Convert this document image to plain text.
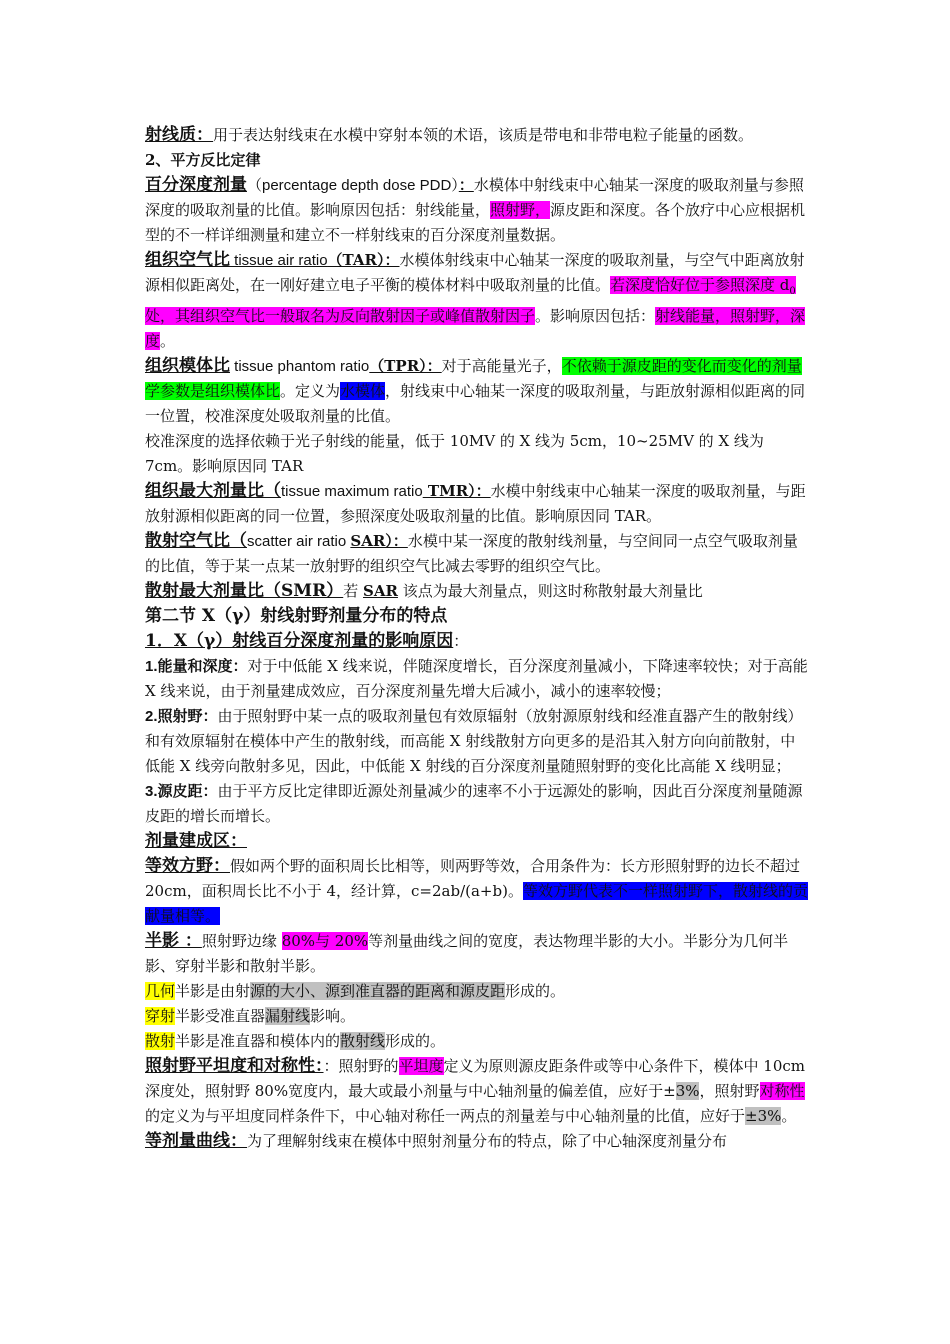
射线质：用于表达射线束在水模中穿射本领的术语，该质是带电和非带电粒子能量的函数。

2、平方反比定律

百分深度剂量（percentage depth dose PDD）：水模体中射线束中心轴某一深度的吸取剂量与参照深度的吸取剂量的比值。影响原因包括：射线能量，照射野，源皮距和深度。各个放疗中心应根据机型的不一样详细测量和建立不一样射线束的百分深度剂量数据。

组织空气比 tissue air ratio（TAR）：水模体射线束中心轴某一深度的吸取剂量，与空气中距离放射源相似距离处，在一刚好建立电子平衡的模体材料中吸取剂量的比值。若深度恰好位于参照深度 $d_0$处，其组织空气比一般取名为反向散射因子或峰值散射因子。影响原因包括：射线能量，照射野，深度。

组织模体比 tissue phantom ratio（TPR）：对于高能量光子，不依赖于源皮距的变化而变化的剂量学参数是组织模体比。定义为水模体，射线束中心轴某一深度的吸取剂量，与距放射源相似距离的同一位置，校准深度处吸取剂量的比值。

校准深度的选择依赖于光子射线的能量，低于 10MV 的 X 线为 5cm，10~25MV 的 X 线为 7cm。影响原因同 TAR

组织最大剂量比（tissue maximum ratio TMR）：水模中射线束中心轴某一深度的吸取剂量，与距放射源相似距离的同一位置，参照深度处吸取剂量的比值。影响原因同 TAR。

散射空气比（scatter air ratio SAR）：水模中某一深度的散射线剂量，与空间同一点空气吸取剂量的比值，等于某一点某一放射野的组织空气比减去零野的组织空气比。

散射最大剂量比（SMR）若 SAR 该点为最大剂量点，则这时称散射最大剂量比

第二节 X（γ）射线射野剂量分布的特点

1．X（γ）射线百分深度剂量的影响原因：

1.能量和深度：对于中低能 X 线来说，伴随深度增长，百分深度剂量减小，下降速率较快；对于高能 X 线来说，由于剂量建成效应，百分深度剂量先增大后减小，减小的速率较慢；

2.照射野：由于照射野中某一点的吸取剂量包有效原辐射（放射源原射线和经准直器产生的散射线）和有效原辐射在模体中产生的散射线，而高能 X 射线散射方向更多的是沿其入射方向向前散射，中低能 X 线旁向散射多见，因此，中低能 X 射线的百分深度剂量随照射野的变化比高能 X 线明显；

3.源皮距：由于平方反比定律即近源处剂量减少的速率不小于远源处的影响，因此百分深度剂量随源皮距的增长而增长。

剂量建成区：

等效方野：假如两个野的面积周长比相等，则两野等效，合用条件为：长方形照射野的边长不超过 20cm，面积周长比不小于 4，经计算，c=2ab/(a+b)。等效方野代表不一样照射野下，散射线的贡献量相等。

半影 ：照射野边缘 80%与 20%等剂量曲线之间的宽度，表达物理半影的大小。半影分为几何半影、穿射半影和散射半影。

几何半影是由射源的大小、源到准直器的距离和源皮距形成的。

穿射半影受准直器漏射线影响。

散射半影是准直器和模体内的散射线形成的。

照射野平坦度和对称性：：照射野的平坦度定义为原则源皮距条件或等中心条件下，模体中 10cm 深度处，照射野 80%宽度内，最大或最小剂量与中心轴剂量的偏差值，应好于±3%，照射野对称性的定义为与平坦度同样条件下，中心轴对称任一两点的剂量差与中心轴剂量的比值，应好于±3%。

等剂量曲线：为了理解射线束在模体中照射剂量分布的特点，除了中心轴深度剂量分布
